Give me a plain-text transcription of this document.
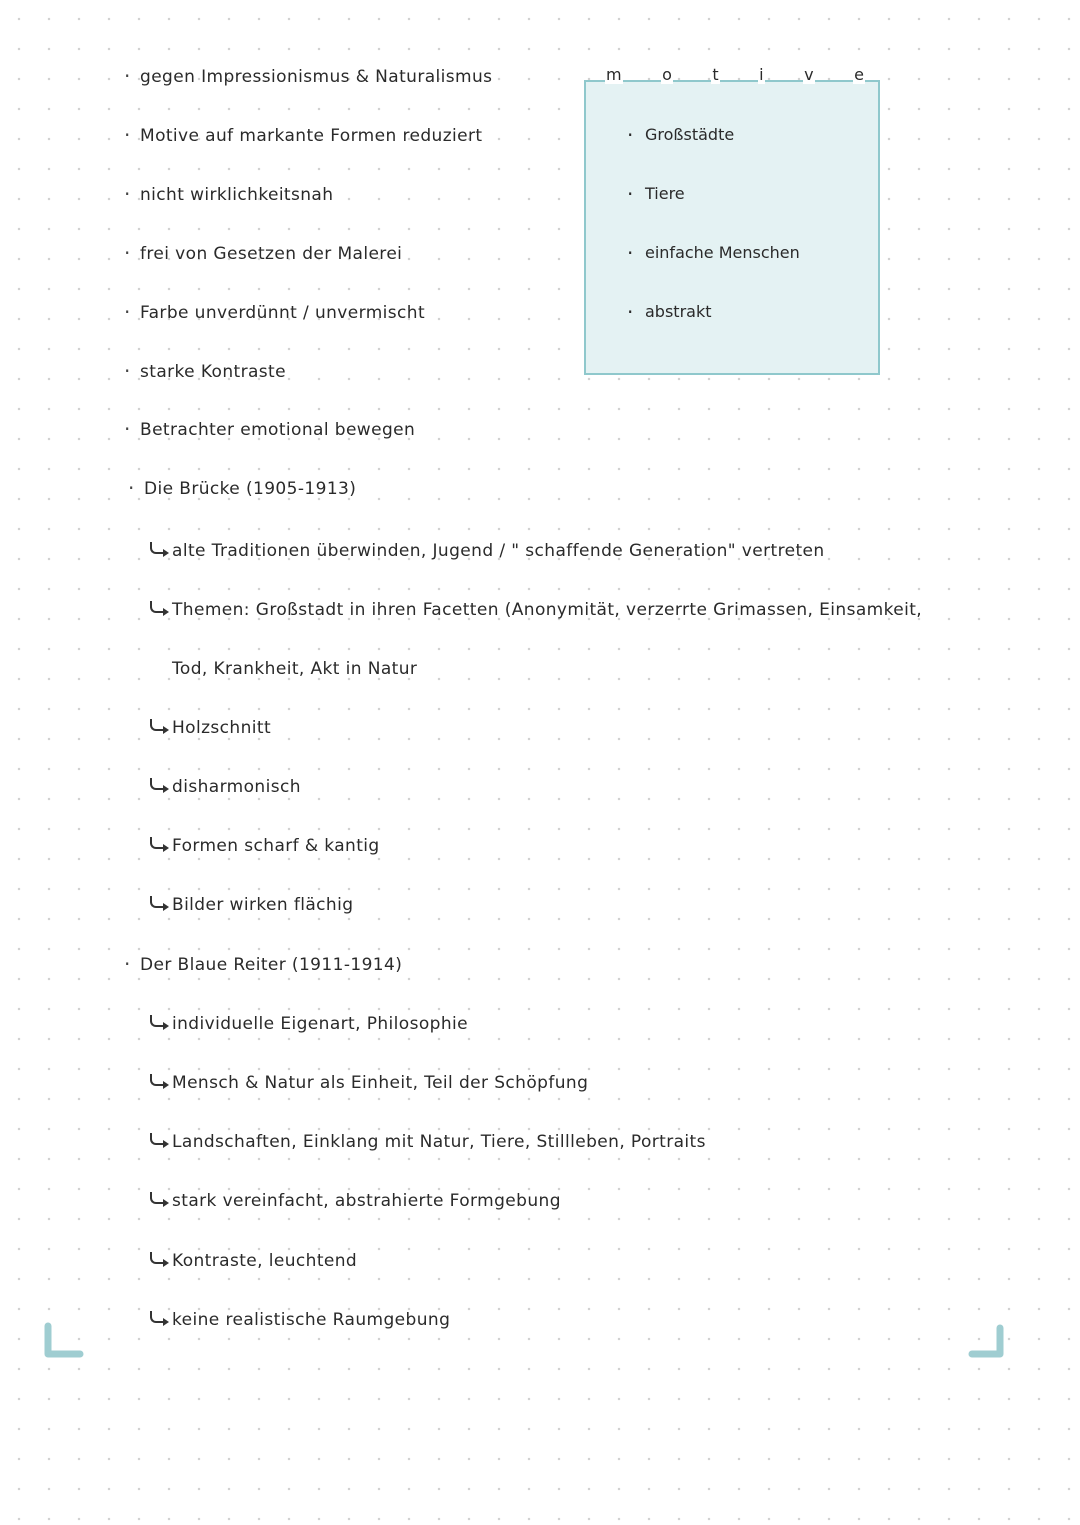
· gegen Impressionismus & Naturalismus
· Motive auf markante Formen reduziert
· nicht wirklichkeitsnah
· frei von Gesetzen der Malerei
· Farbe unverdünnt / unvermischt
· starke Kontraste
· Betrachter emotional bewegen
· Die Brücke (1905-1913)
alte Traditionen überwinden, Jugend / " schaffende Generation" vertreten
Themen: Großstadt in ihren Facetten (Anonymität, verzerrte Grimassen, Einsamkeit,
Tod, Krankheit, Akt in Natur
Holzschnitt
disharmonisch
Formen scharf & kantig
Bilder wirken flächig
· Der Blaue Reiter (1911-1914)
individuelle Eigenart, Philosophie
Mensch & Natur als Einheit, Teil der Schöpfung
Landschaften, Einklang mit Natur, Tiere, Stillleben, Portraits
stark vereinfacht, abstrahierte Formgebung
Kontraste, leuchtend
keine realistische Raumgebung
m	o	t	i	v	e
· Großstädte
· Tiere
· einfache Menschen
· abstrakt
